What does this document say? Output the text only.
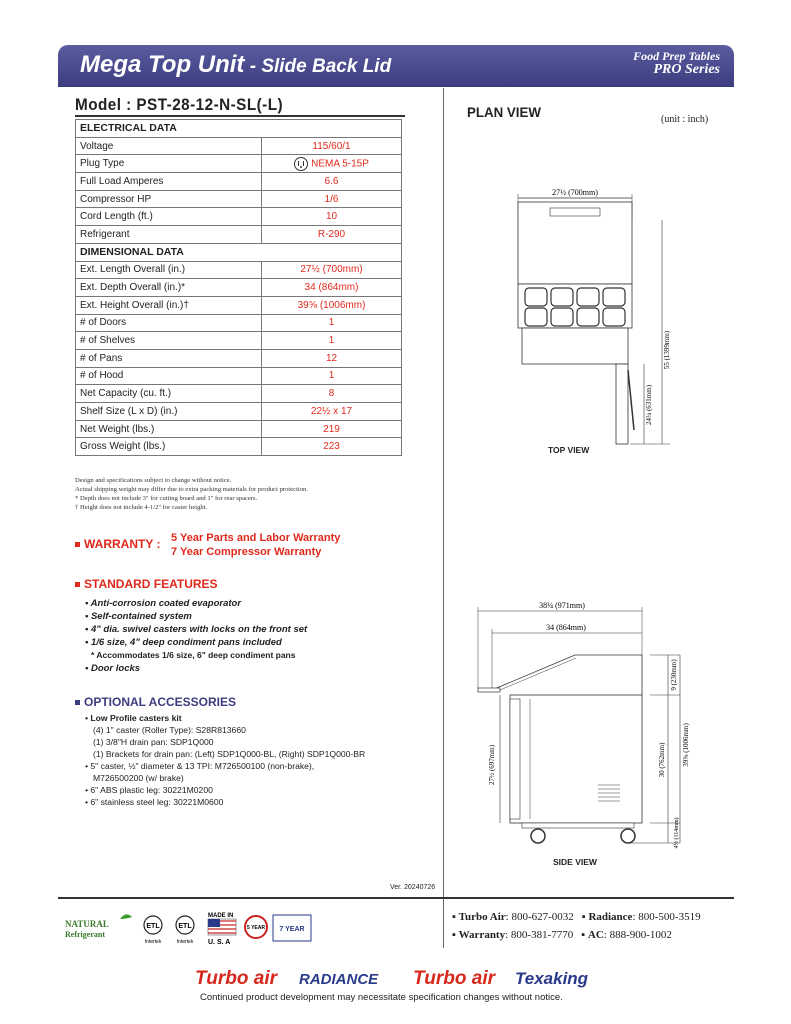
Mega Top Unit - Slide Back Lid	Food Prep Tables
PRO Series
Model : PST-28-12-N-SL(-L)
ELECTRICAL DATA	
Voltage	115/60/1
Plug Type	NEMA 5-15P
Full Load Amperes	6.6
Compressor HP	1/6
Cord Length (ft.)	10
Refrigerant	R-290
DIMENSIONAL DATA	
Ext. Length Overall (in.)	27½ (700mm)
Ext. Depth Overall (in.)*	34 (864mm)
Ext. Height Overall (in.)†	39⅝ (1006mm)
# of Doors	1
# of Shelves	1
# of Pans	12
# of Hood	1
Net Capacity (cu. ft.)	8
Shelf Size (L x D) (in.)	22½ x 17
Net Weight (lbs.)	219
Gross Weight (lbs.)	223
Design and specifications subject to change without notice.
Actual shipping weight may differ due to extra packing materials for product protection.
* Depth does not include 3" for cutting board and 1" for rear spacers.
† Height does not include 4-1/2" for caster height.
WARRANTY : 5 Year Parts and Labor Warranty
7 Year Compressor Warranty
STANDARD FEATURES
• Anti-corrosion coated evaporator
• Self-contained system
• 4" dia. swivel casters with locks on the front set
• 1/6 size, 4" deep condiment pans included
* Accommodates 1/6 size, 6" deep condiment pans
• Door locks
OPTIONAL ACCESSORIES
• Low Profile casters kit
(4) 1" caster (Roller Type): S28R813660
(1) 3/8"H drain pan: SDP1Q000
(1) Brackets for drain pan: (Left) SDP1Q000-BL, (Right) SDP1Q000-BR
• 5" caster, ½" diameter & 13 TPI: M726500100 (non-brake),
M726500200 (w/ brake)
• 6" ABS plastic leg: 30221M0200
• 6" stainless steel leg: 30221M0600
Ver. 20240726
PLAN VIEW	(unit : inch)
27½ (700mm)
55 (1399mm)
24¾ (631mm)
TOP VIEW
38¼ (971mm)
34 (864mm)
27½ (697mm)
9 (230mm)
30 (762mm) 39⅝ (1006mm)
4½ (114mm)
SIDE VIEW
NATURAL
Refrigerant
ETL
Intertek
ETL
Intertek
MADE IN
U. S. A
5 YEAR 7 YEAR
▪ Turbo Air: 800-627-0032 ▪ Radiance: 800-500-3519
▪ Warranty: 800-381-7770 ▪ AC: 888-900-1002
Turbo air RADIANCE Turbo air Texaking
Continued product development may necessitate specification changes without notice.
